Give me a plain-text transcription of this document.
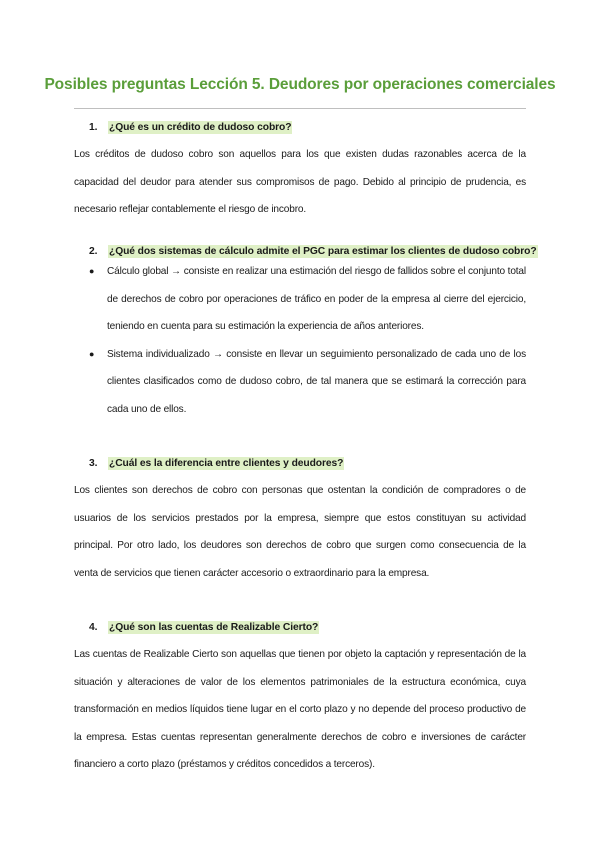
Posibles preguntas Lección 5. Deudores por operaciones comerciales
1. ¿Qué es un crédito de dudoso cobro?
Los créditos de dudoso cobro son aquellos para los que existen dudas razonables acerca de la capacidad del deudor para atender sus compromisos de pago. Debido al principio de prudencia, es necesario reflejar contablemente el riesgo de incobro.
2. ¿Qué dos sistemas de cálculo admite el PGC para estimar los clientes de dudoso cobro?
● Cálculo global → consiste en realizar una estimación del riesgo de fallidos sobre el conjunto total de derechos de cobro por operaciones de tráfico en poder de la empresa al cierre del ejercicio, teniendo en cuenta para su estimación la experiencia de años anteriores.
● Sistema individualizado → consiste en llevar un seguimiento personalizado de cada uno de los clientes clasificados como de dudoso cobro, de tal manera que se estimará la corrección para cada uno de ellos.
3. ¿Cuál es la diferencia entre clientes y deudores?
Los clientes son derechos de cobro con personas que ostentan la condición de compradores o de usuarios de los servicios prestados por la empresa, siempre que estos constituyan su actividad principal. Por otro lado, los deudores son derechos de cobro que surgen como consecuencia de la venta de servicios que tienen carácter accesorio o extraordinario para la empresa.
4. ¿Qué son las cuentas de Realizable Cierto?
Las cuentas de Realizable Cierto son aquellas que tienen por objeto la captación y representación de la situación y alteraciones de valor de los elementos patrimoniales de la estructura económica, cuya transformación en medios líquidos tiene lugar en el corto plazo y no depende del proceso productivo de la empresa. Estas cuentas representan generalmente derechos de cobro e inversiones de carácter financiero a corto plazo (préstamos y créditos concedidos a terceros).
